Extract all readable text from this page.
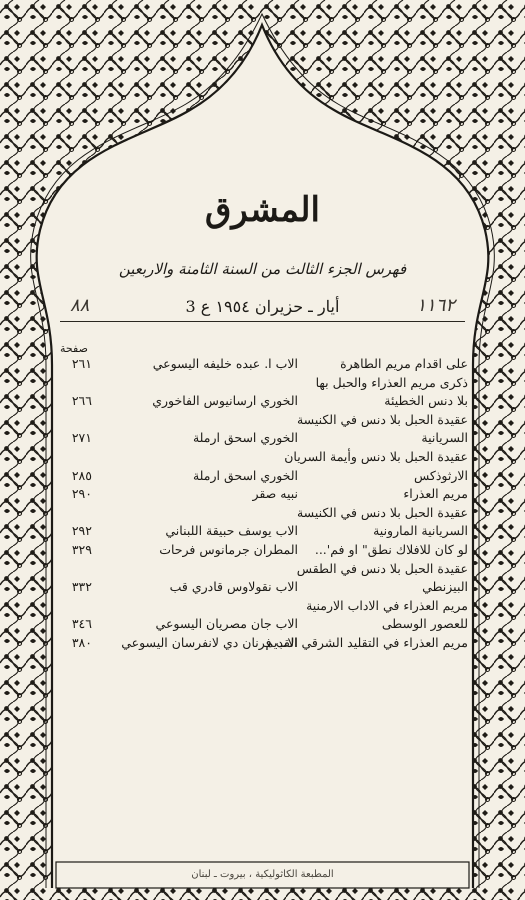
المشرق
فهرس الجزء الثالث من السنة الثامنة والاربعين
٨٨	أيار ـ حزيران ١٩٥٤ ع 3	١١٦٢
صفحة
على اقدام مريم الطاهرة
الاب ا. عبده خليفه اليسوعي
٢٦١
ذكرى مريم العذراء والحبل بها
بلا دنس الخطيئة
الخوري ارسانيوس الفاخوري
٢٦٦
عقيدة الحبل بلا دنس في الكنيسة
السريانية
الخوري اسحق ارملة
٢٧١
عقيدة الحبل بلا دنس وأيمة السريان
الارثوذكس
الخوري اسحق ارملة
٢٨٥
مريم العذراء
نبيه صقر
٢٩٠
عقيدة الحبل بلا دنس في الكنيسة
السريانية المارونية
الاب يوسف حبيقة اللبناني
٢٩٢
لو كان للافلاك نطق" او فم'...
المطران جرمانوس فرحات
٣٢٩
عقيدة الحبل بلا دنس في الطقس
البيزنطي
الاب نقولاوس قادري قب
٣٣٢
مريم العذراء في الاداب الارمنية
للعصور الوسطى
الاب جان مصريان اليسوعي
٣٤٦
مريم العذراء في التقليد الشرقي القديم
الاب فرنان دي لانفرسان اليسوعي
٣٨٠
المطبعة الكاثوليكية ، بيروت ـ لبنان
